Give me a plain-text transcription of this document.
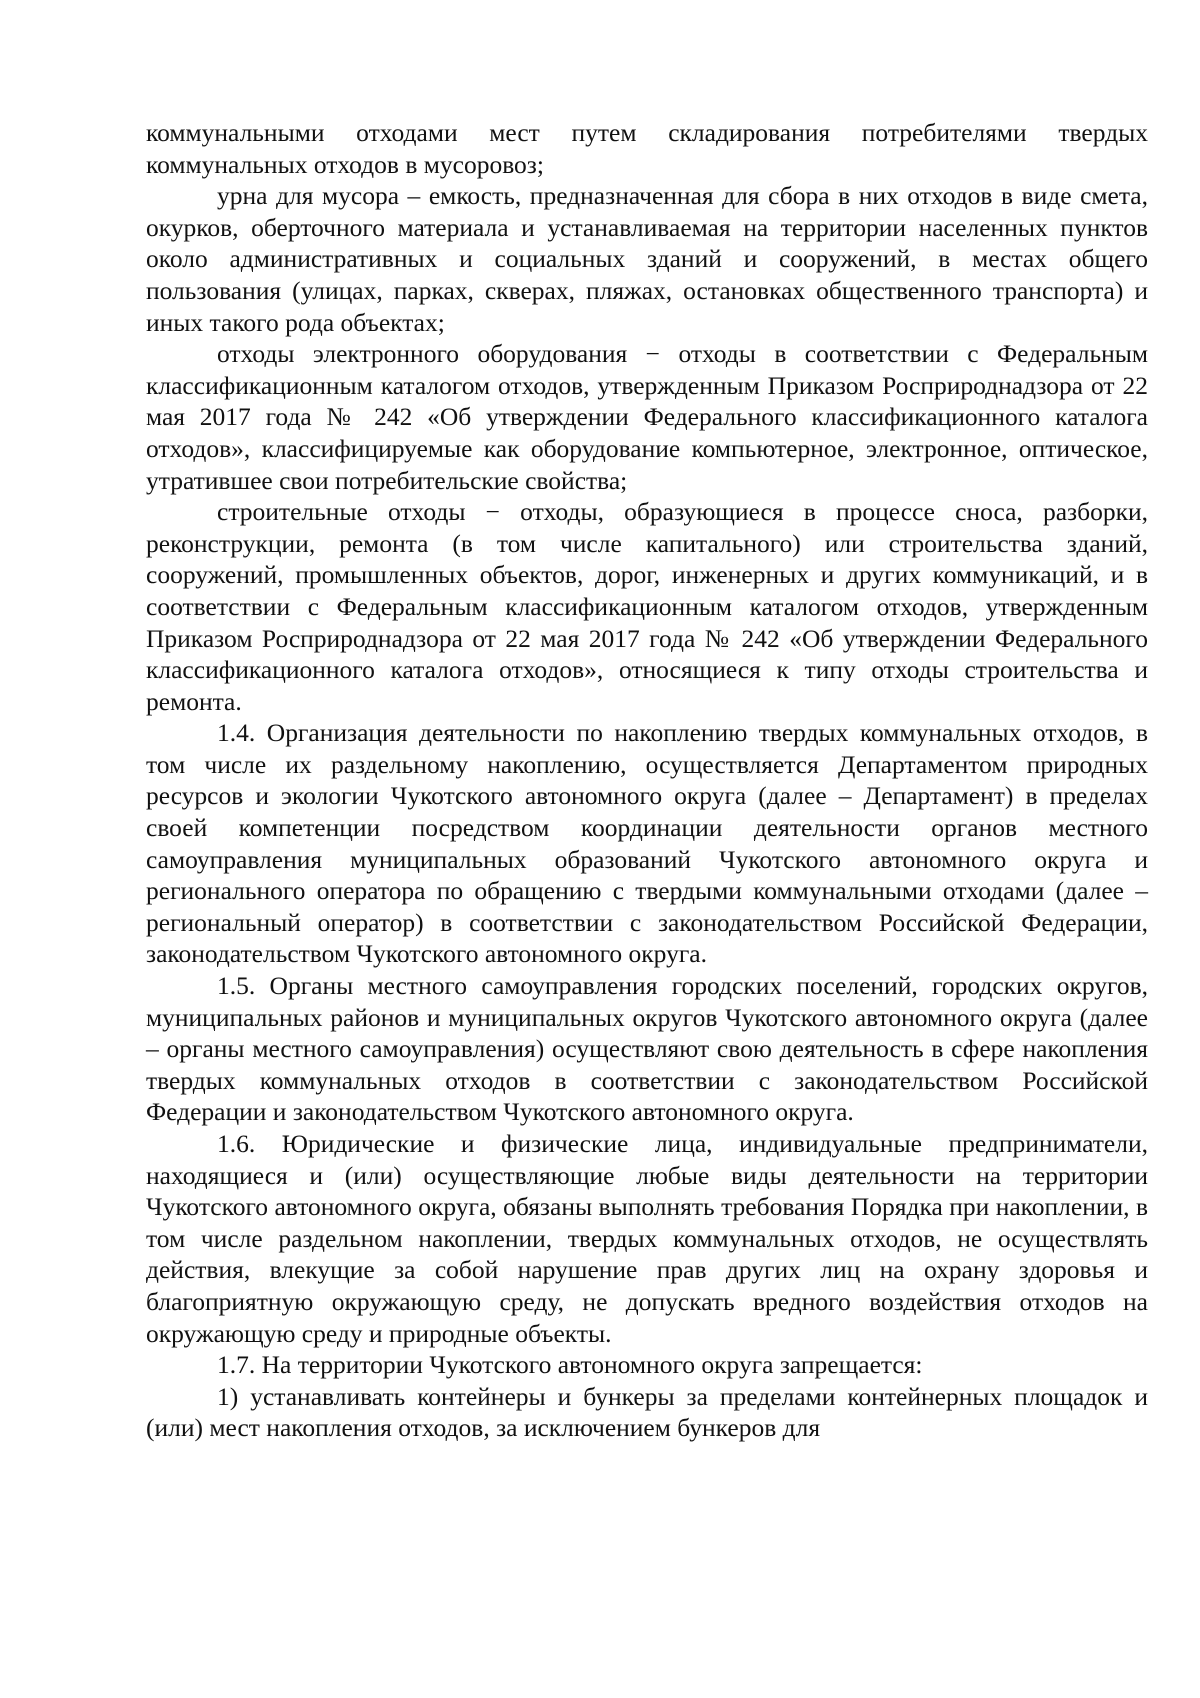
коммунальными отходами мест путем складирования потребителями твердых коммунальных отходов в мусоровоз;

урна для мусора – емкость, предназначенная для сбора в них отходов в виде смета, окурков, оберточного материала и устанавливаемая на территории населенных пунктов около административных и социальных зданий и сооружений, в местах общего пользования (улицах, парках, скверах, пляжах, остановках общественного транспорта) и иных такого рода объектах;

отходы электронного оборудования − отходы в соответствии с Федеральным классификационным каталогом отходов, утвержденным Приказом Росприроднадзора от 22 мая 2017 года № 242 «Об утверждении Федерального классификационного каталога отходов», классифицируемые как оборудование компьютерное, электронное, оптическое, утратившее свои потребительские свойства;

строительные отходы − отходы, образующиеся в процессе сноса, разборки, реконструкции, ремонта (в том числе капитального) или строительства зданий, сооружений, промышленных объектов, дорог, инженерных и других коммуникаций, и в соответствии с Федеральным классификационным каталогом отходов, утвержденным Приказом Росприроднадзора от 22 мая 2017 года № 242 «Об утверждении Федерального классификационного каталога отходов», относящиеся к типу отходы строительства и ремонта.

1.4. Организация деятельности по накоплению твердых коммунальных отходов, в том числе их раздельному накоплению, осуществляется Департаментом природных ресурсов и экологии Чукотского автономного округа (далее – Департамент) в пределах своей компетенции посредством координации деятельности органов местного самоуправления муниципальных образований Чукотского автономного округа и регионального оператора по обращению с твердыми коммунальными отходами (далее – региональный оператор) в соответствии с законодательством Российской Федерации, законодательством Чукотского автономного округа.

1.5. Органы местного самоуправления городских поселений, городских округов, муниципальных районов и муниципальных округов Чукотского автономного округа (далее – органы местного самоуправления) осуществляют свою деятельность в сфере накопления твердых коммунальных отходов в соответствии с законодательством Российской Федерации и законодательством Чукотского автономного округа.

1.6. Юридические и физические лица, индивидуальные предприниматели, находящиеся и (или) осуществляющие любые виды деятельности на территории Чукотского автономного округа, обязаны выполнять требования Порядка при накоплении, в том числе раздельном накоплении, твердых коммунальных отходов, не осуществлять действия, влекущие за собой нарушение прав других лиц на охрану здоровья и благоприятную окружающую среду, не допускать вредного воздействия отходов на окружающую среду и природные объекты.

1.7. На территории Чукотского автономного округа запрещается:

1) устанавливать контейнеры и бункеры за пределами контейнерных площадок и (или) мест накопления отходов, за исключением бункеров для
